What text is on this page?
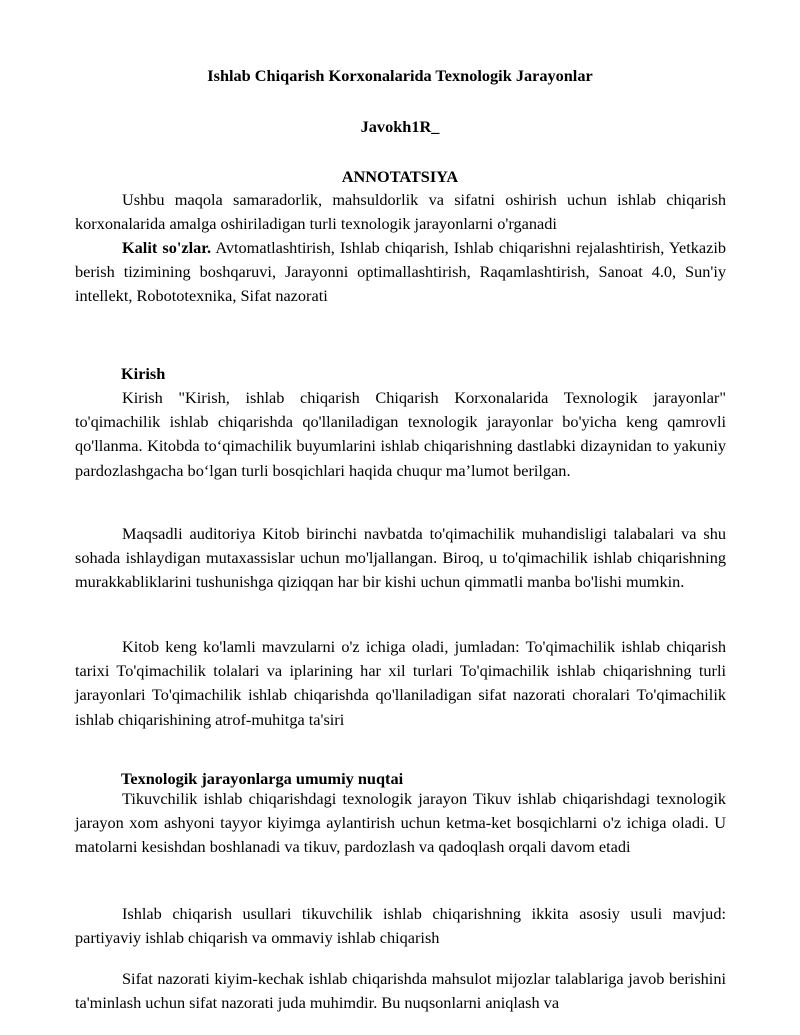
Ishlab Chiqarish Korxonalarida Texnologik Jarayonlar
Javokh1R_
ANNOTATSIYA

Ushbu maqola samaradorlik, mahsuldorlik va sifatni oshirish uchun ishlab chiqarish korxonalarida amalga oshiriladigan turli texnologik jarayonlarni o'rganadi

Kalit so'zlar. Avtomatlashtirish, Ishlab chiqarish, Ishlab chiqarishni rejalashtirish, Yetkazib berish tizimining boshqaruvi, Jarayonni optimallashtirish, Raqamlashtirish, Sanoat 4.0, Sun'iy intellekt, Robototexnika, Sifat nazorati

Kirish

Kirish "Kirish, ishlab chiqarish Chiqarish Korxonalarida Texnologik jarayonlar" to'qimachilik ishlab chiqarishda qo'llaniladigan texnologik jarayonlar bo'yicha keng qamrovli qo'llanma. Kitobda to‘qimachilik buyumlarini ishlab chiqarishning dastlabki dizaynidan to yakuniy pardozlashgacha bo‘lgan turli bosqichlari haqida chuqur ma’lumot berilgan.

Maqsadli auditoriya Kitob birinchi navbatda to'qimachilik muhandisligi talabalari va shu sohada ishlaydigan mutaxassislar uchun mo'ljallangan. Biroq, u to'qimachilik ishlab chiqarishning murakkabliklarini tushunishga qiziqqan har bir kishi uchun qimmatli manba bo'lishi mumkin.

Kitob keng ko'lamli mavzularni o'z ichiga oladi, jumladan: To'qimachilik ishlab chiqarish tarixi To'qimachilik tolalari va iplarining har xil turlari To'qimachilik ishlab chiqarishning turli jarayonlari To'qimachilik ishlab chiqarishda qo'llaniladigan sifat nazorati choralari To'qimachilik ishlab chiqarishining atrof-muhitga ta'siri

Texnologik jarayonlarga umumiy nuqtai

Tikuvchilik ishlab chiqarishdagi texnologik jarayon Tikuv ishlab chiqarishdagi texnologik jarayon xom ashyoni tayyor kiyimga aylantirish uchun ketma-ket bosqichlarni o'z ichiga oladi. U matolarni kesishdan boshlanadi va tikuv, pardozlash va qadoqlash orqali davom etadi

Ishlab chiqarish usullari tikuvchilik ishlab chiqarishning ikkita asosiy usuli mavjud: partiyaviy ishlab chiqarish va ommaviy ishlab chiqarish

Sifat nazorati kiyim-kechak ishlab chiqarishda mahsulot mijozlar talablariga javob berishini ta'minlash uchun sifat nazorati juda muhimdir. Bu nuqsonlarni aniqlash va
